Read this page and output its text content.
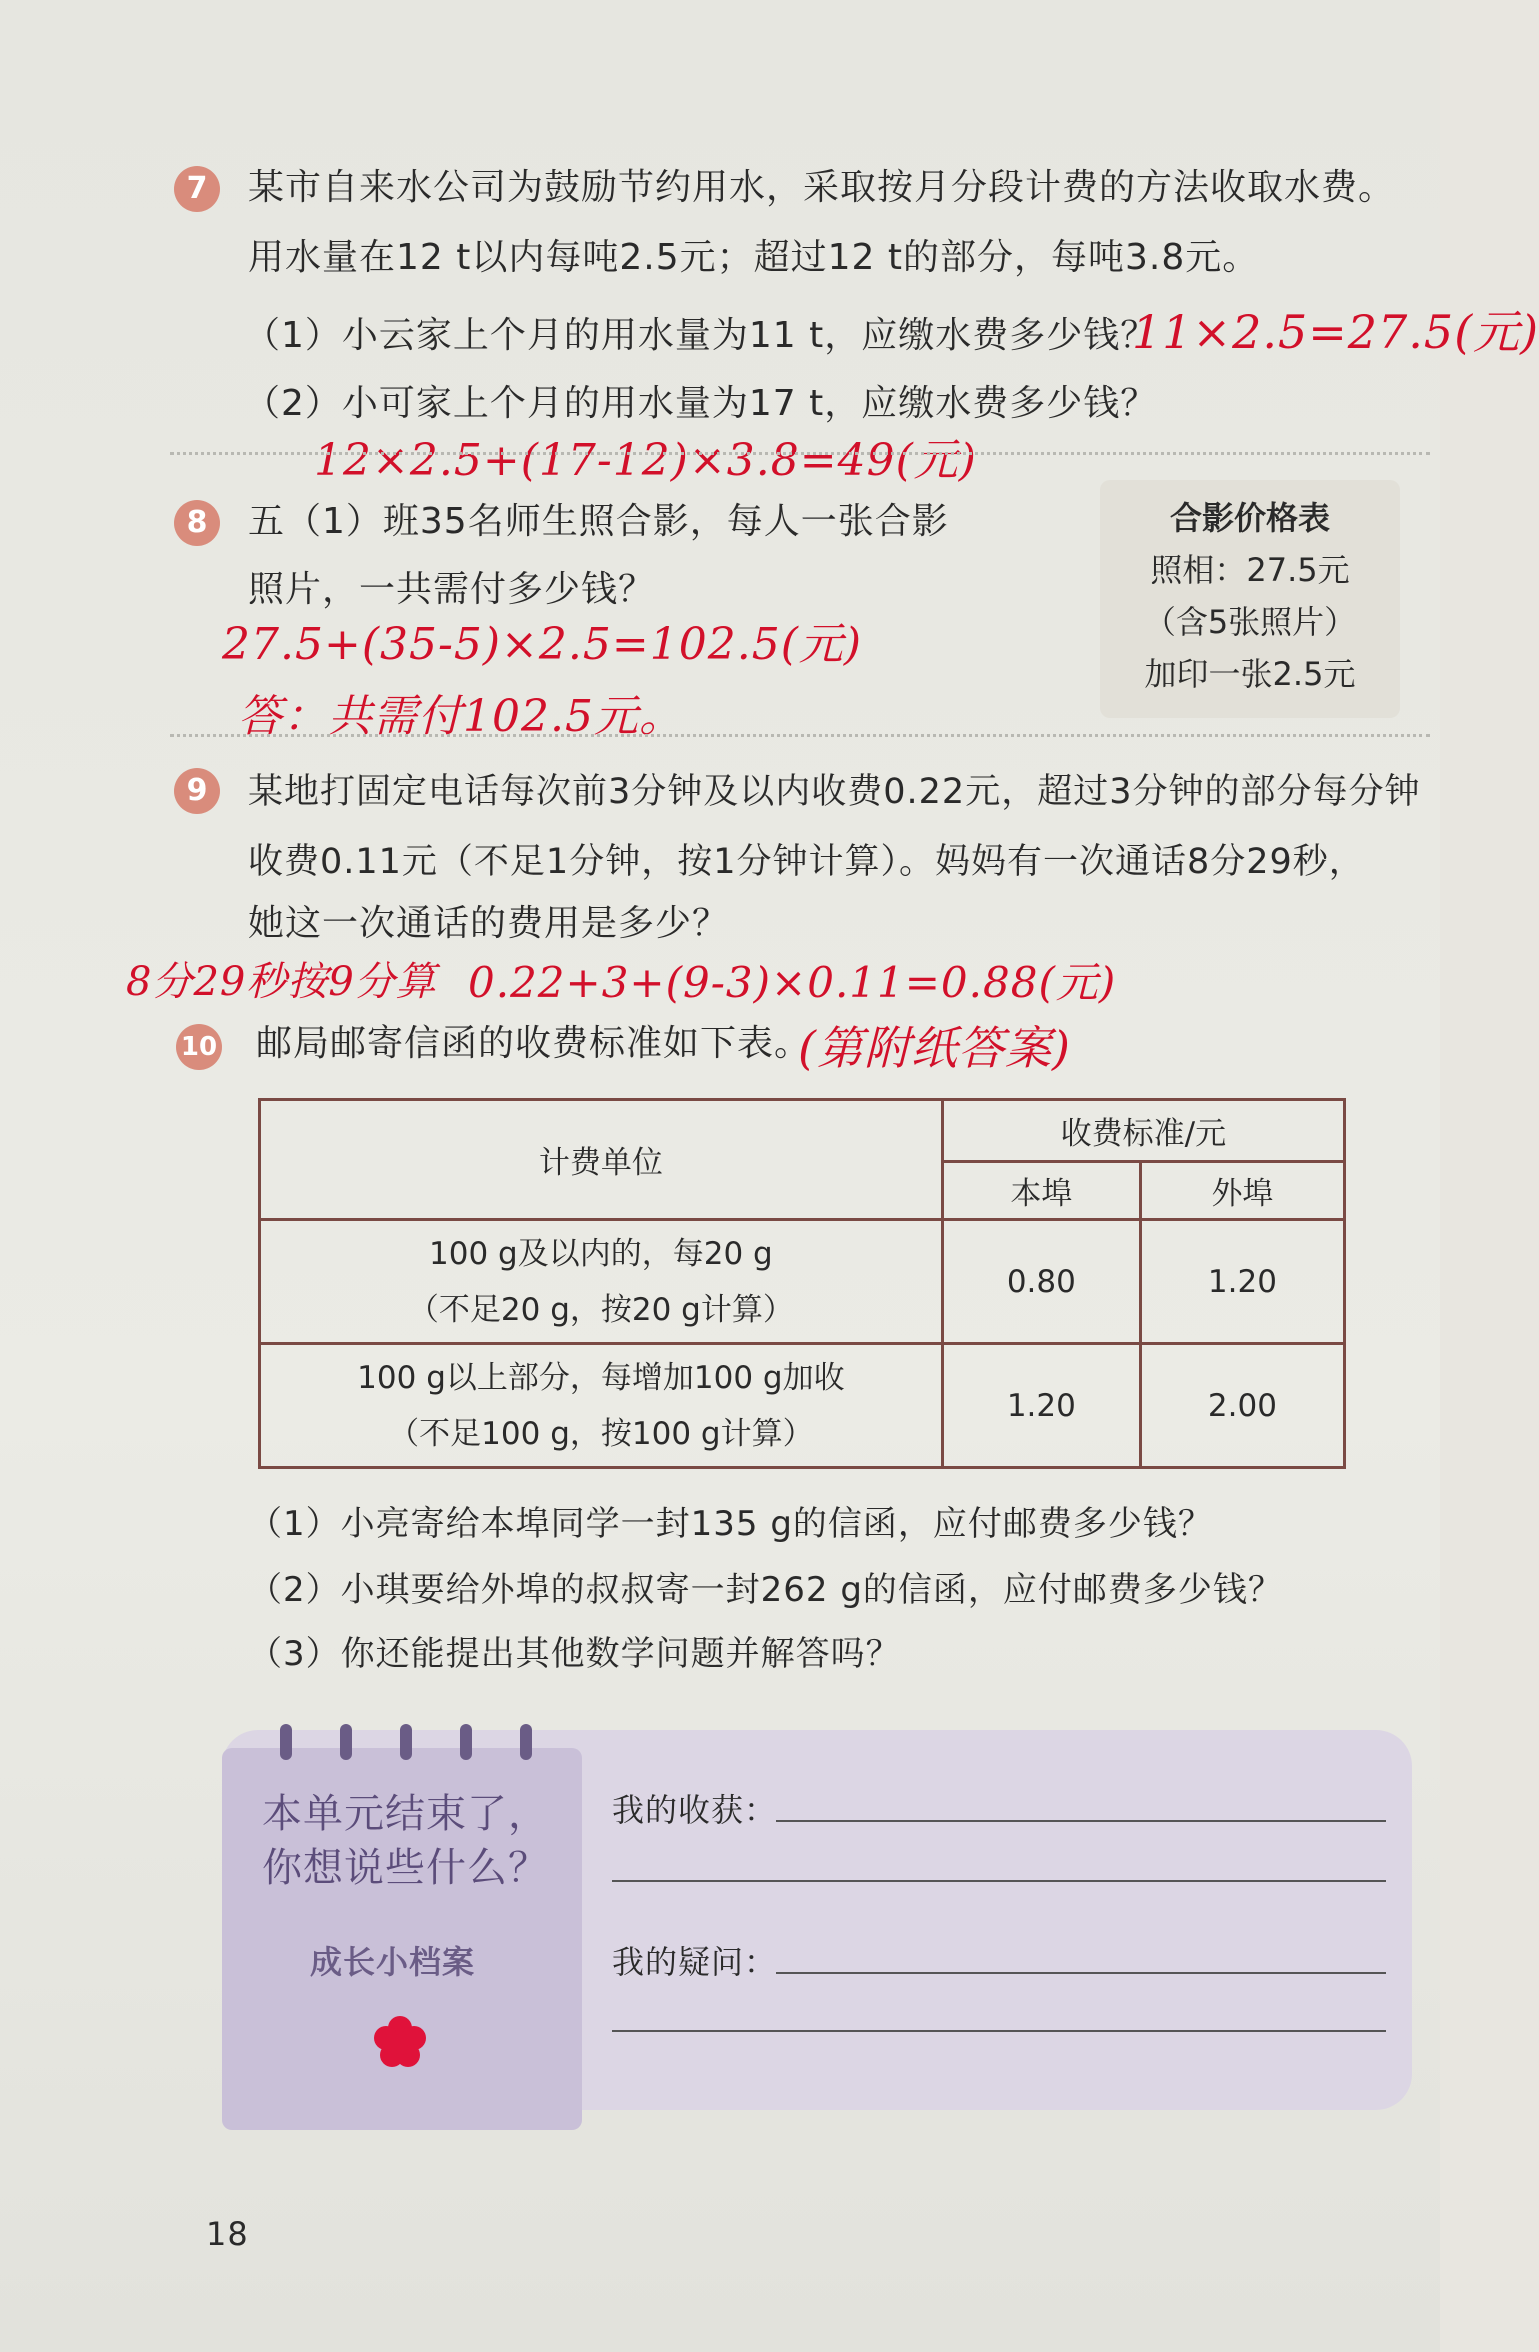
7	某市自来水公司为鼓励节约用水，采取按月分段计费的方法收取水费。
用水量在12 t以内每吨2.5元；超过12 t的部分，每吨3.8元。
（1）小云家上个月的用水量为11 t，应缴水费多少钱？
11×2.5=27.5(元)
（2）小可家上个月的用水量为17 t，应缴水费多少钱？
12×2.5+(17-12)×3.8=49(元)
8	五（1）班35名师生照合影，每人一张合影
照片，一共需付多少钱？
27.5+(35-5)×2.5=102.5(元)
答：共需付102.5元。
合影价格表
照相：27.5元
（含5张照片）
加印一张2.5元
9	某地打固定电话每次前3分钟及以内收费0.22元，超过3分钟的部分每分钟
收费0.11元（不足1分钟，按1分钟计算）。妈妈有一次通话8分29秒，
她这一次通话的费用是多少？
8分29秒按9分算 0.22+3+(9-3)×0.11=0.88(元)
10 邮局邮寄信函的收费标准如下表。
(第附纸答案)
计费单位	收费标准/元	
	本埠	外埠

100 g及以内的，每20 g
（不足20 g，按20 g计算）	0.80	1.20

100 g以上部分，每增加100 g加收
（不足100 g，按100 g计算）	1.20	2.00
（1）小亮寄给本埠同学一封135 g的信函，应付邮费多少钱？
（2）小琪要给外埠的叔叔寄一封262 g的信函，应付邮费多少钱？
（3）你还能提出其他数学问题并解答吗？
本单元结束了，
你想说些什么？
成长小档案
我的收获：
我的疑问：
18
